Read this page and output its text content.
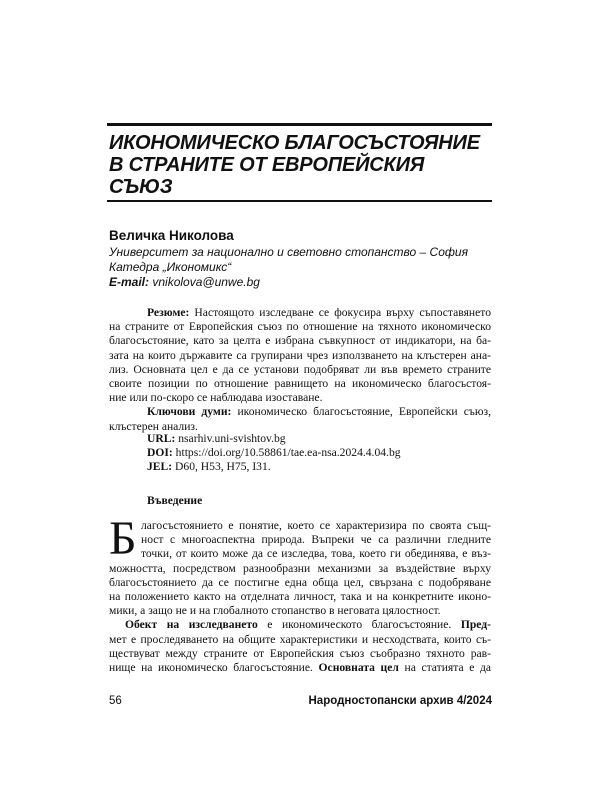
ИКОНОМИЧЕСКО БЛАГОСЪСТОЯНИЕ
В СТРАНИТЕ ОТ ЕВРОПЕЙСКИЯ
СЪЮЗ
Величка Николова
Университет за национално и световно стопанство – София
Катедра „Икономикс“
E-mail: vnikolova@unwe.bg
Резюме: Настоящото изследване се фокусира върху съпоставянето
на страните от Европейския съюз по отношение на тяхното икономическо
благосъстояние, като за целта е избрана съвкупност от индикатори, на ба-
зата на които държавите са групирани чрез използването на клъстерен ана-
лиз. Основната цел е да се установи подобряват ли във времето страните
своите позиции по отношение равнището на икономическо благосъстоя-
ние или по-скоро се наблюдава изоставане.
Ключови думи: икономическо благосъстояние, Европейски съюз,
клъстерен анализ.
URL: nsarhiv.uni-svishtov.bg
DOI: https://doi.org/10.58861/tae.ea-nsa.2024.4.04.bg
JEL: D60, H53, H75, I31.
Въведение
Б лагосъстоянието е понятие, което се характеризира по своята същ-
ност с многоаспектна природа. Въпреки че са различни гледните
точки, от които може да се изследва, това, което ги обединява, е въз-
можността, посредством разнообразни механизми за въздействие върху
благосъстоянието да се постигне една обща цел, свързана с подобряване
на положението както на отделната личност, така и на конкретните иконо-
мики, а защо не и на глобалното стопанство в неговата цялостност.
Обект на изследването е икономическото благосъстояние. Пред-
мет е проследяването на общите характеристики и несходствата, които съ-
ществуват между страните от Европейския съюз съобразно тяхното рав-
нище на икономическо благосъстояние. Основната цел на статията е да
56	Народностопански архив 4/2024
